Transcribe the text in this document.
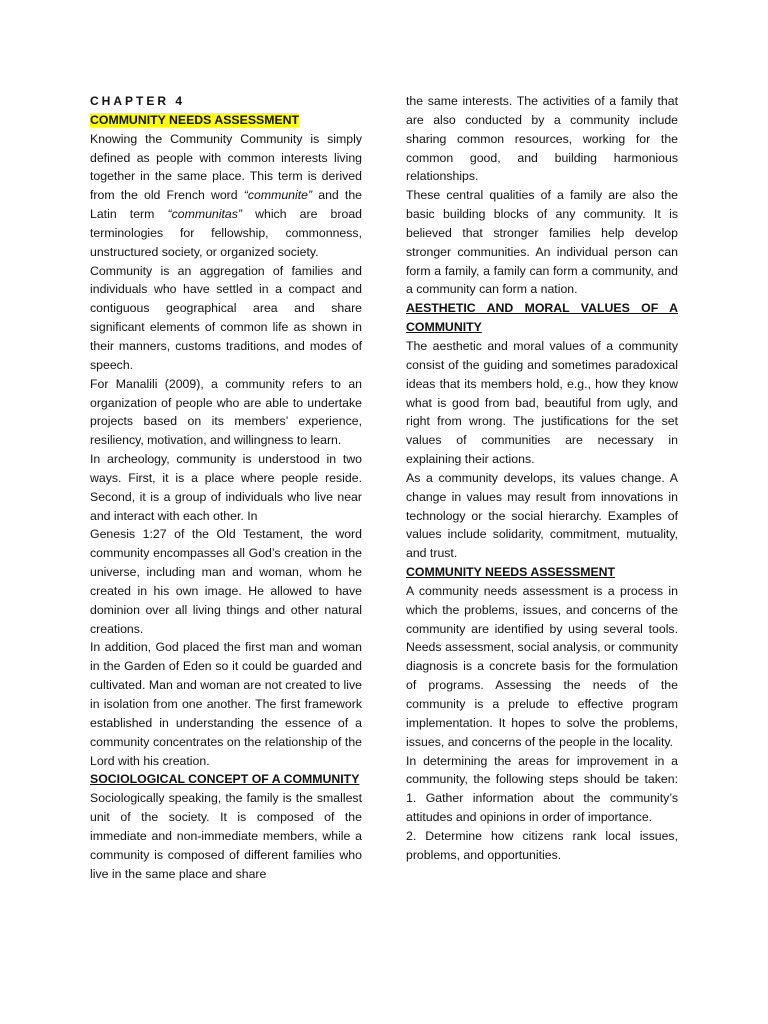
CHAPTER 4

COMMUNITY NEEDS ASSESSMENT

Knowing the Community Community is simply defined as people with common interests living together in the same place. This term is derived from the old French word “communite” and the Latin term “communitas” which are broad terminologies for fellowship, commonness, unstructured society, or organized society.

Community is an aggregation of families and individuals who have settled in a compact and contiguous geographical area and share significant elements of common life as shown in their manners, customs traditions, and modes of speech.

For Manalili (2009), a community refers to an organization of people who are able to undertake projects based on its members’ experience, resiliency, motivation, and willingness to learn.

In archeology, community is understood in two ways. First, it is a place where people reside. Second, it is a group of individuals who live near and interact with each other. In

Genesis 1:27 of the Old Testament, the word community encompasses all God’s creation in the universe, including man and woman, whom he created in his own image. He allowed to have dominion over all living things and other natural creations.

In addition, God placed the first man and woman in the Garden of Eden so it could be guarded and cultivated. Man and woman are not created to live in isolation from one another. The first framework established in understanding the essence of a community concentrates on the relationship of the Lord with his creation.

SOCIOLOGICAL CONCEPT OF A COMMUNITY

Sociologically speaking, the family is the smallest unit of the society. It is composed of the immediate and non-immediate members, while a community is composed of different families who live in the same place and share

the same interests. The activities of a family that are also conducted by a community include sharing common resources, working for the common good, and building harmonious relationships.

These central qualities of a family are also the basic building blocks of any community. It is believed that stronger families help develop stronger communities. An individual person can form a family, a family can form a community, and a community can form a nation.

AESTHETIC AND MORAL VALUES OF A COMMUNITY

The aesthetic and moral values of a community consist of the guiding and sometimes paradoxical ideas that its members hold, e.g., how they know what is good from bad, beautiful from ugly, and right from wrong. The justifications for the set values of communities are necessary in explaining their actions.

As a community develops, its values change. A change in values may result from innovations in technology or the social hierarchy. Examples of values include solidarity, commitment, mutuality, and trust.

COMMUNITY NEEDS ASSESSMENT

A community needs assessment is a process in which the problems, issues, and concerns of the community are identified by using several tools. Needs assessment, social analysis, or community diagnosis is a concrete basis for the formulation of programs. Assessing the needs of the community is a prelude to effective program implementation. It hopes to solve the problems, issues, and concerns of the people in the locality.

In determining the areas for improvement in a community, the following steps should be taken: 1. Gather information about the community’s attitudes and opinions in order of importance.

2. Determine how citizens rank local issues, problems, and opportunities.
